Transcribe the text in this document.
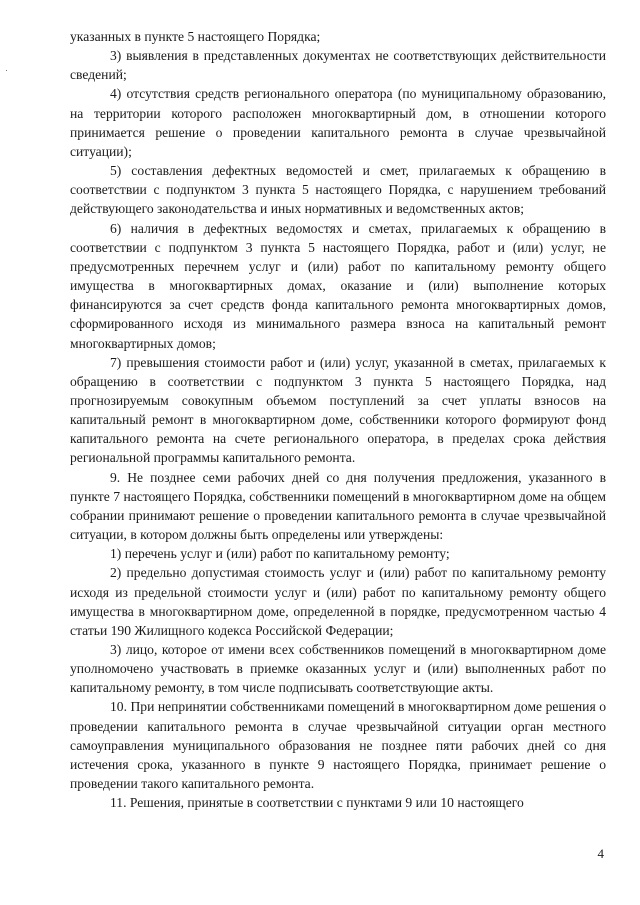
указанных в пункте 5 настоящего Порядка;

3) выявления в представленных документах не соответствующих действительности сведений;

4) отсутствия средств регионального оператора (по муниципальному образованию, на территории которого расположен многоквартирный дом, в отношении которого принимается решение о проведении капитального ремонта в случае чрезвычайной ситуации);

5) составления дефектных ведомостей и смет, прилагаемых к обращению в соответствии с подпунктом 3 пункта 5 настоящего Порядка, с нарушением требований действующего законодательства и иных нормативных и ведомственных актов;

6) наличия в дефектных ведомостях и сметах, прилагаемых к обращению в соответствии с подпунктом 3 пункта 5 настоящего Порядка, работ и (или) услуг, не предусмотренных перечнем услуг и (или) работ по капитальному ремонту общего имущества в многоквартирных домах, оказание и (или) выполнение которых финансируются за счет средств фонда капитального ремонта многоквартирных домов, сформированного исходя из минимального размера взноса на капитальный ремонт многоквартирных домов;

7) превышения стоимости работ и (или) услуг, указанной в сметах, прилагаемых к обращению в соответствии с подпунктом 3 пункта 5 настоящего Порядка, над прогнозируемым совокупным объемом поступлений за счет уплаты взносов на капитальный ремонт в многоквартирном доме, собственники которого формируют фонд капитального ремонта на счете регионального оператора, в пределах срока действия региональной программы капитального ремонта.

9. Не позднее семи рабочих дней со дня получения предложения, указанного в пункте 7 настоящего Порядка, собственники помещений в многоквартирном доме на общем собрании принимают решение о проведении капитального ремонта в случае чрезвычайной ситуации, в котором должны быть определены или утверждены:

1) перечень услуг и (или) работ по капитальному ремонту;

2) предельно допустимая стоимость услуг и (или) работ по капитальному ремонту исходя из предельной стоимости услуг и (или) работ по капитальному ремонту общего имущества в многоквартирном доме, определенной в порядке, предусмотренном частью 4 статьи 190 Жилищного кодекса Российской Федерации;

3) лицо, которое от имени всех собственников помещений в многоквартирном доме уполномочено участвовать в приемке оказанных услуг и (или) выполненных работ по капитальному ремонту, в том числе подписывать соответствующие акты.

10. При непринятии собственниками помещений в многоквартирном доме решения о проведении капитального ремонта в случае чрезвычайной ситуации орган местного самоуправления муниципального образования не позднее пяти рабочих дней со дня истечения срока, указанного в пункте 9 настоящего Порядка, принимает решение о проведении такого капитального ремонта.

11. Решения, принятые в соответствии с пунктами 9 или 10 настоящего

4
